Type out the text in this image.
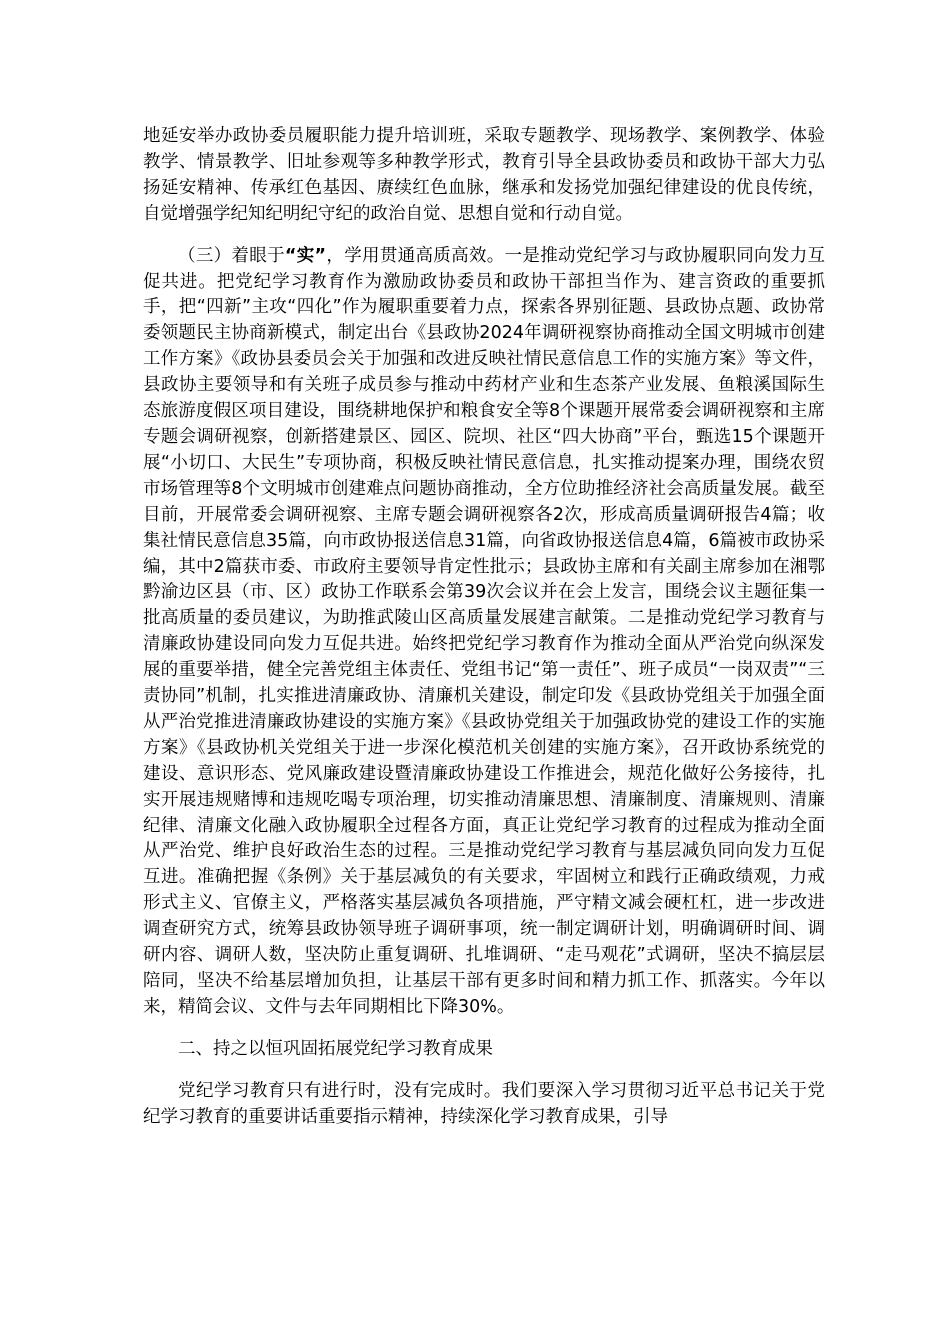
地延安举办政协委员履职能力提升培训班，采取专题教学、现场教学、案例教学、体验教学、情景教学、旧址参观等多种教学形式，教育引导全县政协委员和政协干部大力弘扬延安精神、传承红色基因、赓续红色血脉，继承和发扬党加强纪律建设的优良传统，自觉增强学纪知纪明纪守纪的政治自觉、思想自觉和行动自觉。

（三）着眼于“实”，学用贯通高质高效。一是推动党纪学习与政协履职同向发力互促共进。把党纪学习教育作为激励政协委员和政协干部担当作为、建言资政的重要抓手，把“四新”主攻“四化”作为履职重要着力点，探索各界别征题、县政协点题、政协常委领题民主协商新模式，制定出台《县政协2024年调研视察协商推动全国文明城市创建工作方案》《政协县委员会关于加强和改进反映社情民意信息工作的实施方案》等文件，县政协主要领导和有关班子成员参与推动中药材产业和生态茶产业发展、鱼粮溪国际生态旅游度假区项目建设，围绕耕地保护和粮食安全等8个课题开展常委会调研视察和主席专题会调研视察，创新搭建景区、园区、院坝、社区“四大协商”平台，甄选15个课题开展“小切口、大民生”专项协商，积极反映社情民意信息，扎实推动提案办理，围绕农贸市场管理等8个文明城市创建难点问题协商推动，全方位助推经济社会高质量发展。截至目前，开展常委会调研视察、主席专题会调研视察各2次，形成高质量调研报告4篇；收集社情民意信息35篇，向市政协报送信息31篇，向省政协报送信息4篇，6篇被市政协采编，其中2篇获市委、市政府主要领导肯定性批示；县政协主席和有关副主席参加在湘鄂黔渝边区县（市、区）政协工作联系会第39次会议并在会上发言，围绕会议主题征集一批高质量的委员建议，为助推武陵山区高质量发展建言献策。二是推动党纪学习教育与清廉政协建设同向发力互促共进。始终把党纪学习教育作为推动全面从严治党向纵深发展的重要举措，健全完善党组主体责任、党组书记“第一责任”、班子成员“一岗双责”“三责协同”机制，扎实推进清廉政协、清廉机关建设，制定印发《县政协党组关于加强全面从严治党推进清廉政协建设的实施方案》《县政协党组关于加强政协党的建设工作的实施方案》《县政协机关党组关于进一步深化模范机关创建的实施方案》，召开政协系统党的建设、意识形态、党风廉政建设暨清廉政协建设工作推进会，规范化做好公务接待，扎实开展违规赌博和违规吃喝专项治理，切实推动清廉思想、清廉制度、清廉规则、清廉纪律、清廉文化融入政协履职全过程各方面，真正让党纪学习教育的过程成为推动全面从严治党、维护良好政治生态的过程。三是推动党纪学习教育与基层减负同向发力互促互进。准确把握《条例》关于基层减负的有关要求，牢固树立和践行正确政绩观，力戒形式主义、官僚主义，严格落实基层减负各项措施，严守精文减会硬杠杠，进一步改进调查研究方式，统筹县政协领导班子调研事项，统一制定调研计划，明确调研时间、调研内容、调研人数，坚决防止重复调研、扎堆调研、“走马观花”式调研，坚决不搞层层陪同，坚决不给基层增加负担，让基层干部有更多时间和精力抓工作、抓落实。今年以来，精简会议、文件与去年同期相比下降30%。

二、持之以恒巩固拓展党纪学习教育成果

党纪学习教育只有进行时，没有完成时。我们要深入学习贯彻习近平总书记关于党纪学习教育的重要讲话重要指示精神，持续深化学习教育成果，引导
